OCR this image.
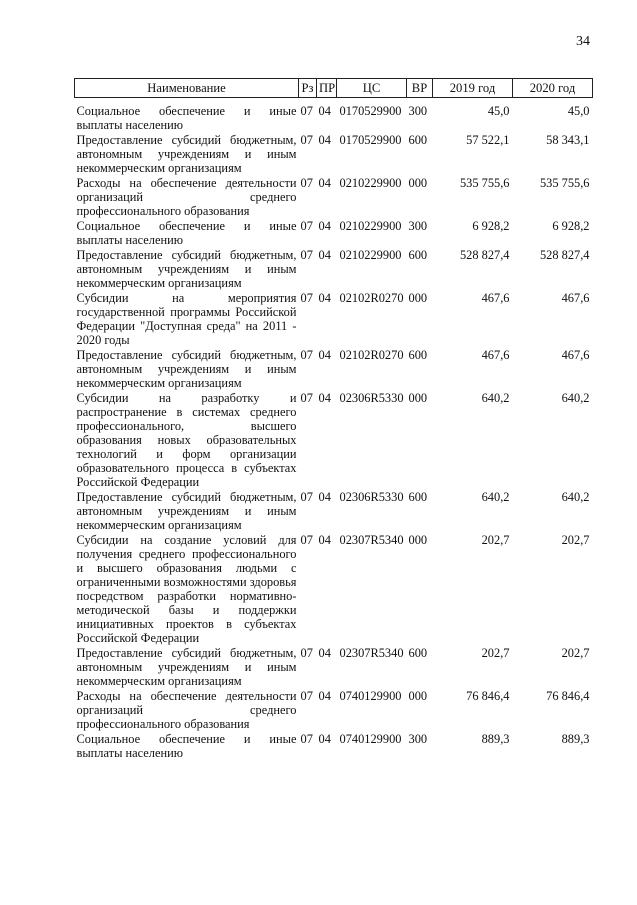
34
Наименование	Рз	ПР	ЦС	ВР	2019 год	2020 год
Социальное обеспечение и иные выплаты населению	07	04	0170529900	300	45,0	45,0
Предоставление субсидий бюджетным, автономным учреждениям и иным некоммерческим организациям	07	04	0170529900	600	57 522,1	58 343,1
Расходы на обеспечение деятельности организаций среднего профессионального образования	07	04	0210229900	000	535 755,6	535 755,6
Социальное обеспечение и иные выплаты населению	07	04	0210229900	300	6 928,2	6 928,2
Предоставление субсидий бюджетным, автономным учреждениям и иным некоммерческим организациям	07	04	0210229900	600	528 827,4	528 827,4
Субсидии на мероприятия государственной программы Российской Федерации "Доступная среда" на 2011 - 2020 годы	07	04	02102R0270	000	467,6	467,6
Предоставление субсидий бюджетным, автономным учреждениям и иным некоммерческим организациям	07	04	02102R0270	600	467,6	467,6
Субсидии на разработку и распространение в системах среднего профессионального, высшего образования новых образовательных технологий и форм организации образовательного процесса в субъектах Российской Федерации	07	04	02306R5330	000	640,2	640,2
Предоставление субсидий бюджетным, автономным учреждениям и иным некоммерческим организациям	07	04	02306R5330	600	640,2	640,2
Субсидии на создание условий для получения среднего профессионального и высшего образования людьми с ограниченными возможностями здоровья посредством разработки нормативно-методической базы и поддержки инициативных проектов в субъектах Российской Федерации	07	04	02307R5340	000	202,7	202,7
Предоставление субсидий бюджетным, автономным учреждениям и иным некоммерческим организациям	07	04	02307R5340	600	202,7	202,7
Расходы на обеспечение деятельности организаций среднего профессионального образования	07	04	0740129900	000	76 846,4	76 846,4
Социальное обеспечение и иные выплаты населению	07	04	0740129900	300	889,3	889,3
